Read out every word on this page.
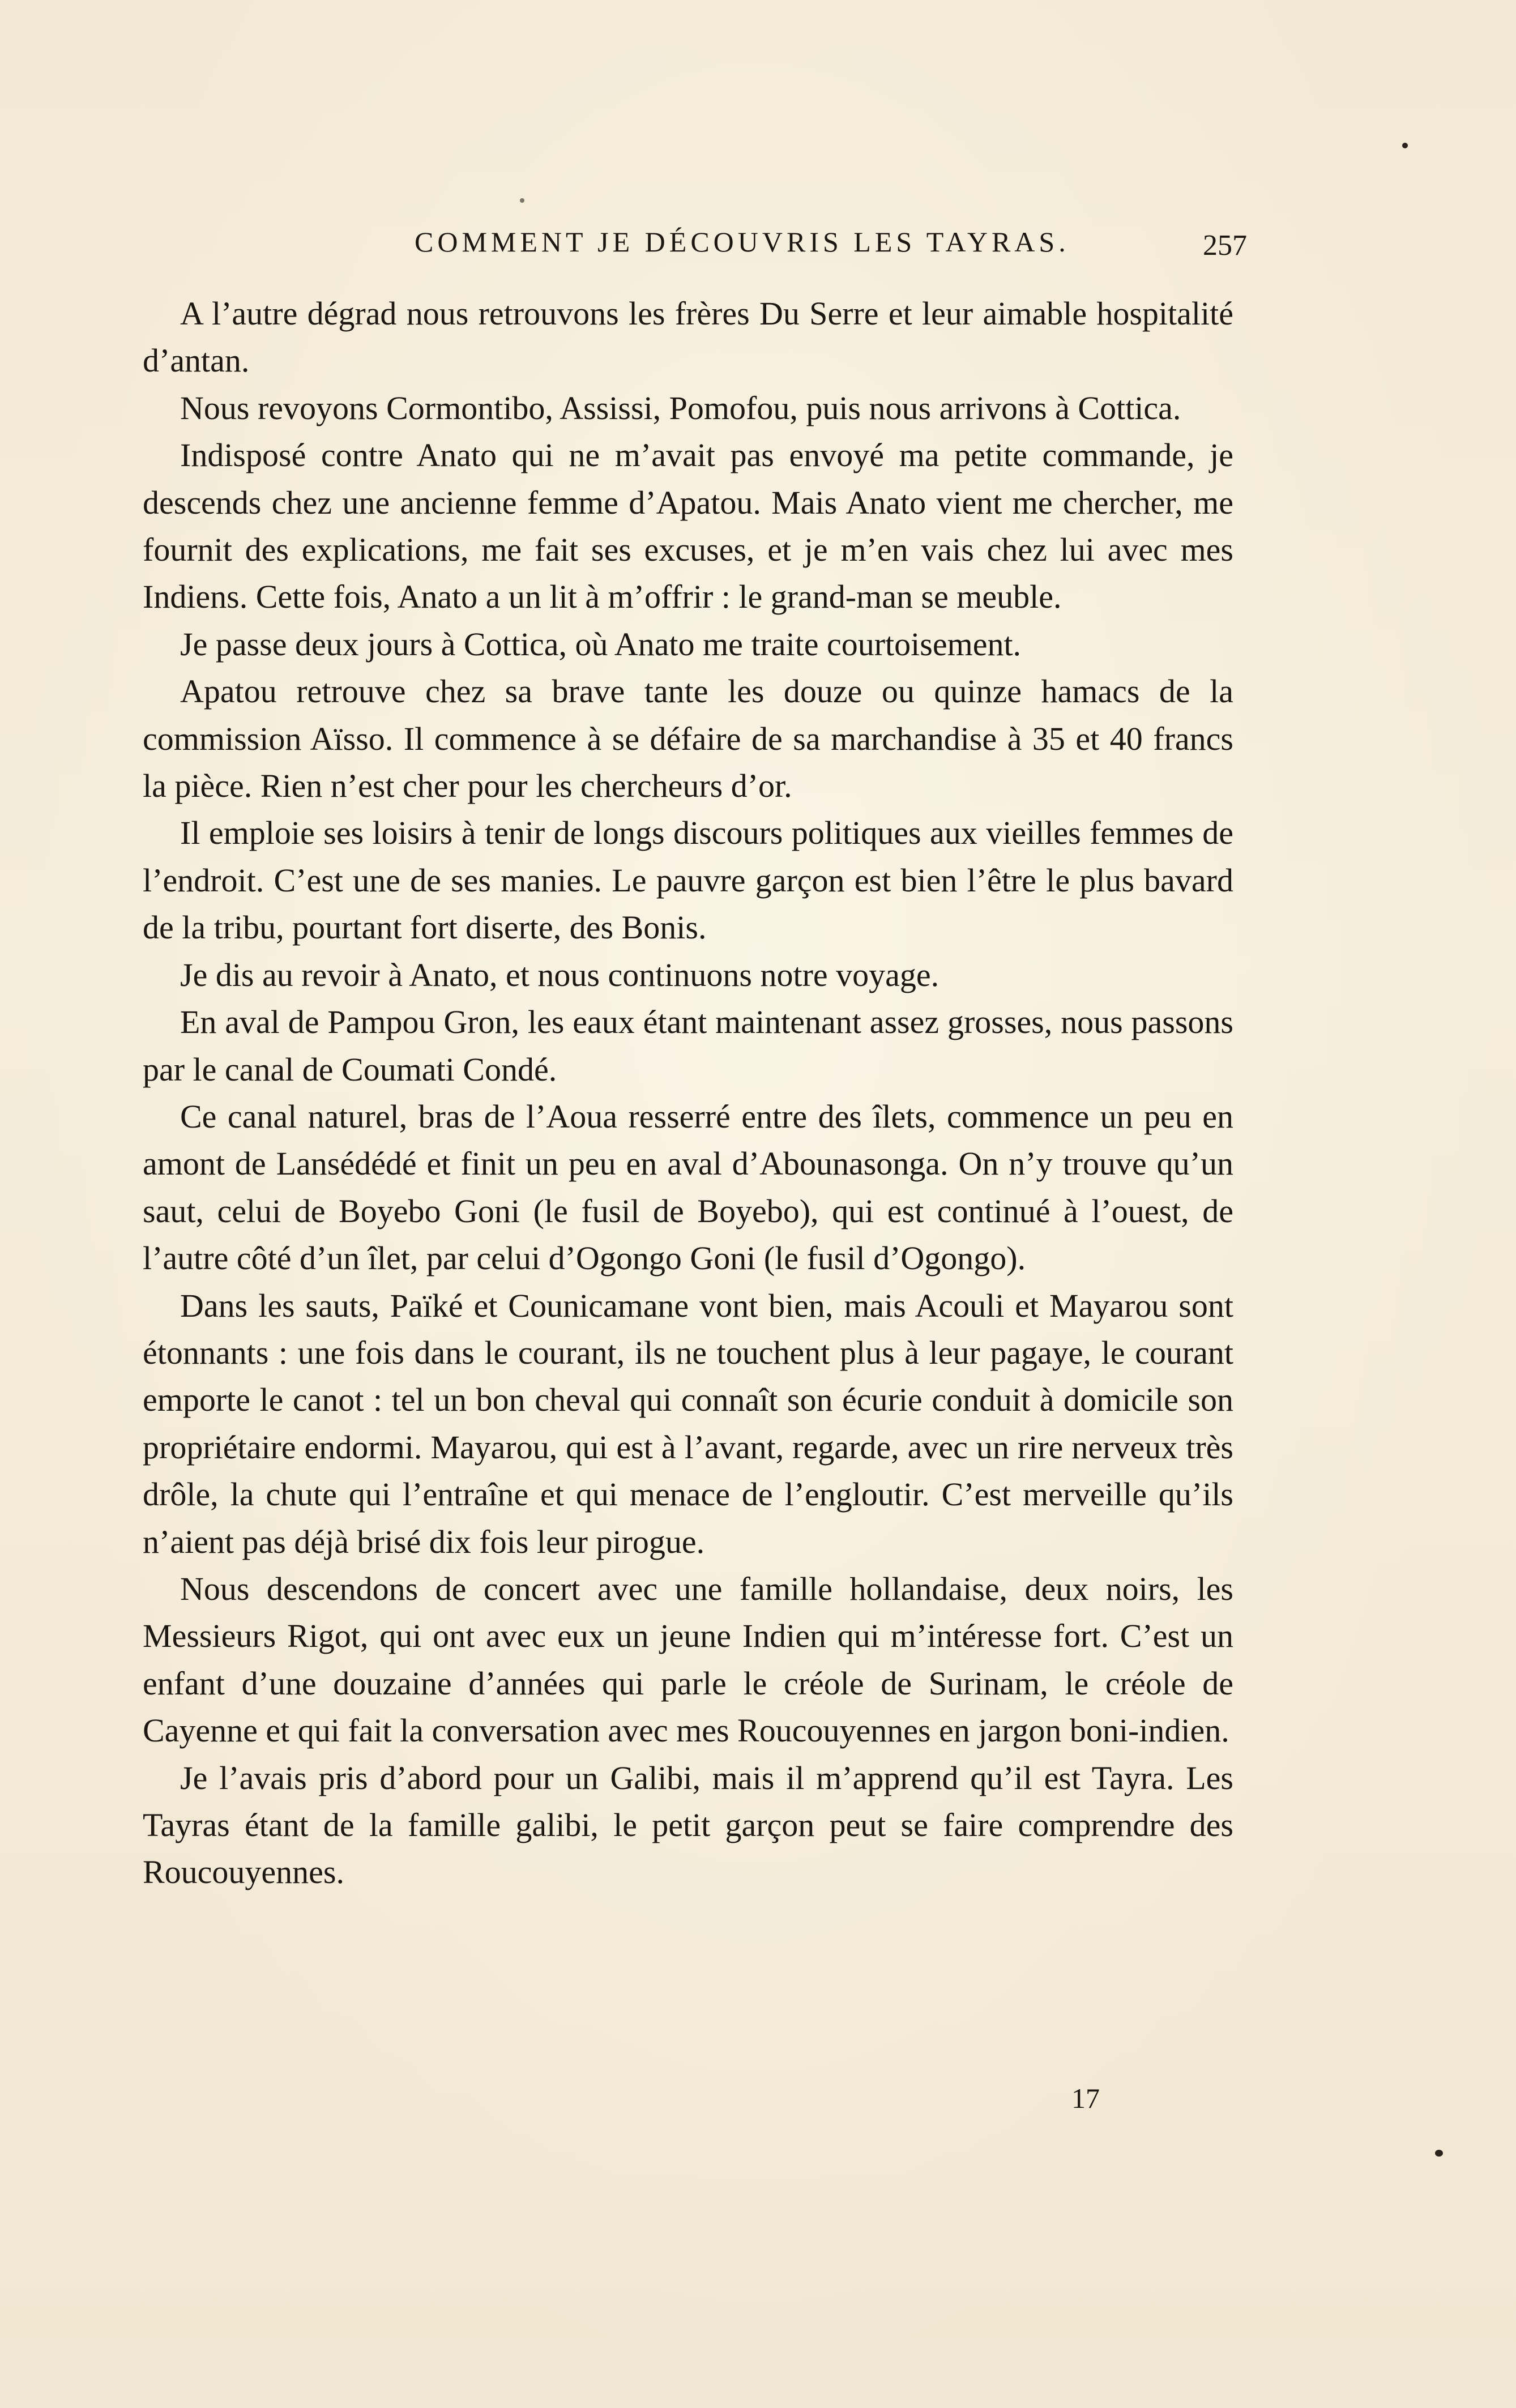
COMMENT JE DÉCOUVRIS LES TAYRAS.	257

A l’autre dégrad nous retrouvons les frères Du Serre et leur aimable hospitalité d’antan.

Nous revoyons Cormontibo, Assissi, Pomofou, puis nous arrivons à Cottica.

Indisposé contre Anato qui ne m’avait pas envoyé ma petite commande, je descends chez une ancienne femme d’Apatou. Mais Anato vient me chercher, me fournit des explications, me fait ses excuses, et je m’en vais chez lui avec mes Indiens. Cette fois, Anato a un lit à m’offrir : le grand-man se meuble.

Je passe deux jours à Cottica, où Anato me traite courtoisement.

Apatou retrouve chez sa brave tante les douze ou quinze hamacs de la commission Aïsso. Il commence à se défaire de sa marchandise à 35 et 40 francs la pièce. Rien n’est cher pour les chercheurs d’or.

Il emploie ses loisirs à tenir de longs discours politiques aux vieilles femmes de l’endroit. C’est une de ses manies. Le pauvre garçon est bien l’être le plus bavard de la tribu, pourtant fort diserte, des Bonis.

Je dis au revoir à Anato, et nous continuons notre voyage.

En aval de Pampou Gron, les eaux étant maintenant assez grosses, nous passons par le canal de Coumati Condé.

Ce canal naturel, bras de l’Aoua resserré entre des îlets, commence un peu en amont de Lansédédé et finit un peu en aval d’Abounasonga. On n’y trouve qu’un saut, celui de Boyebo Goni (le fusil de Boyebo), qui est continué à l’ouest, de l’autre côté d’un îlet, par celui d’Ogongo Goni (le fusil d’Ogongo).

Dans les sauts, Païké et Counicamane vont bien, mais Acouli et Mayarou sont étonnants : une fois dans le courant, ils ne touchent plus à leur pagaye, le courant emporte le canot : tel un bon cheval qui connaît son écurie conduit à domicile son propriétaire endormi. Mayarou, qui est à l’avant, regarde, avec un rire nerveux très drôle, la chute qui l’entraîne et qui menace de l’engloutir. C’est merveille qu’ils n’aient pas déjà brisé dix fois leur pirogue.

Nous descendons de concert avec une famille hollandaise, deux noirs, les Messieurs Rigot, qui ont avec eux un jeune Indien qui m’intéresse fort. C’est un enfant d’une douzaine d’années qui parle le créole de Surinam, le créole de Cayenne et qui fait la conversation avec mes Roucouyennes en jargon boni-indien.

Je l’avais pris d’abord pour un Galibi, mais il m’apprend qu’il est Tayra. Les Tayras étant de la famille galibi, le petit garçon peut se faire comprendre des Roucouyennes.

17
